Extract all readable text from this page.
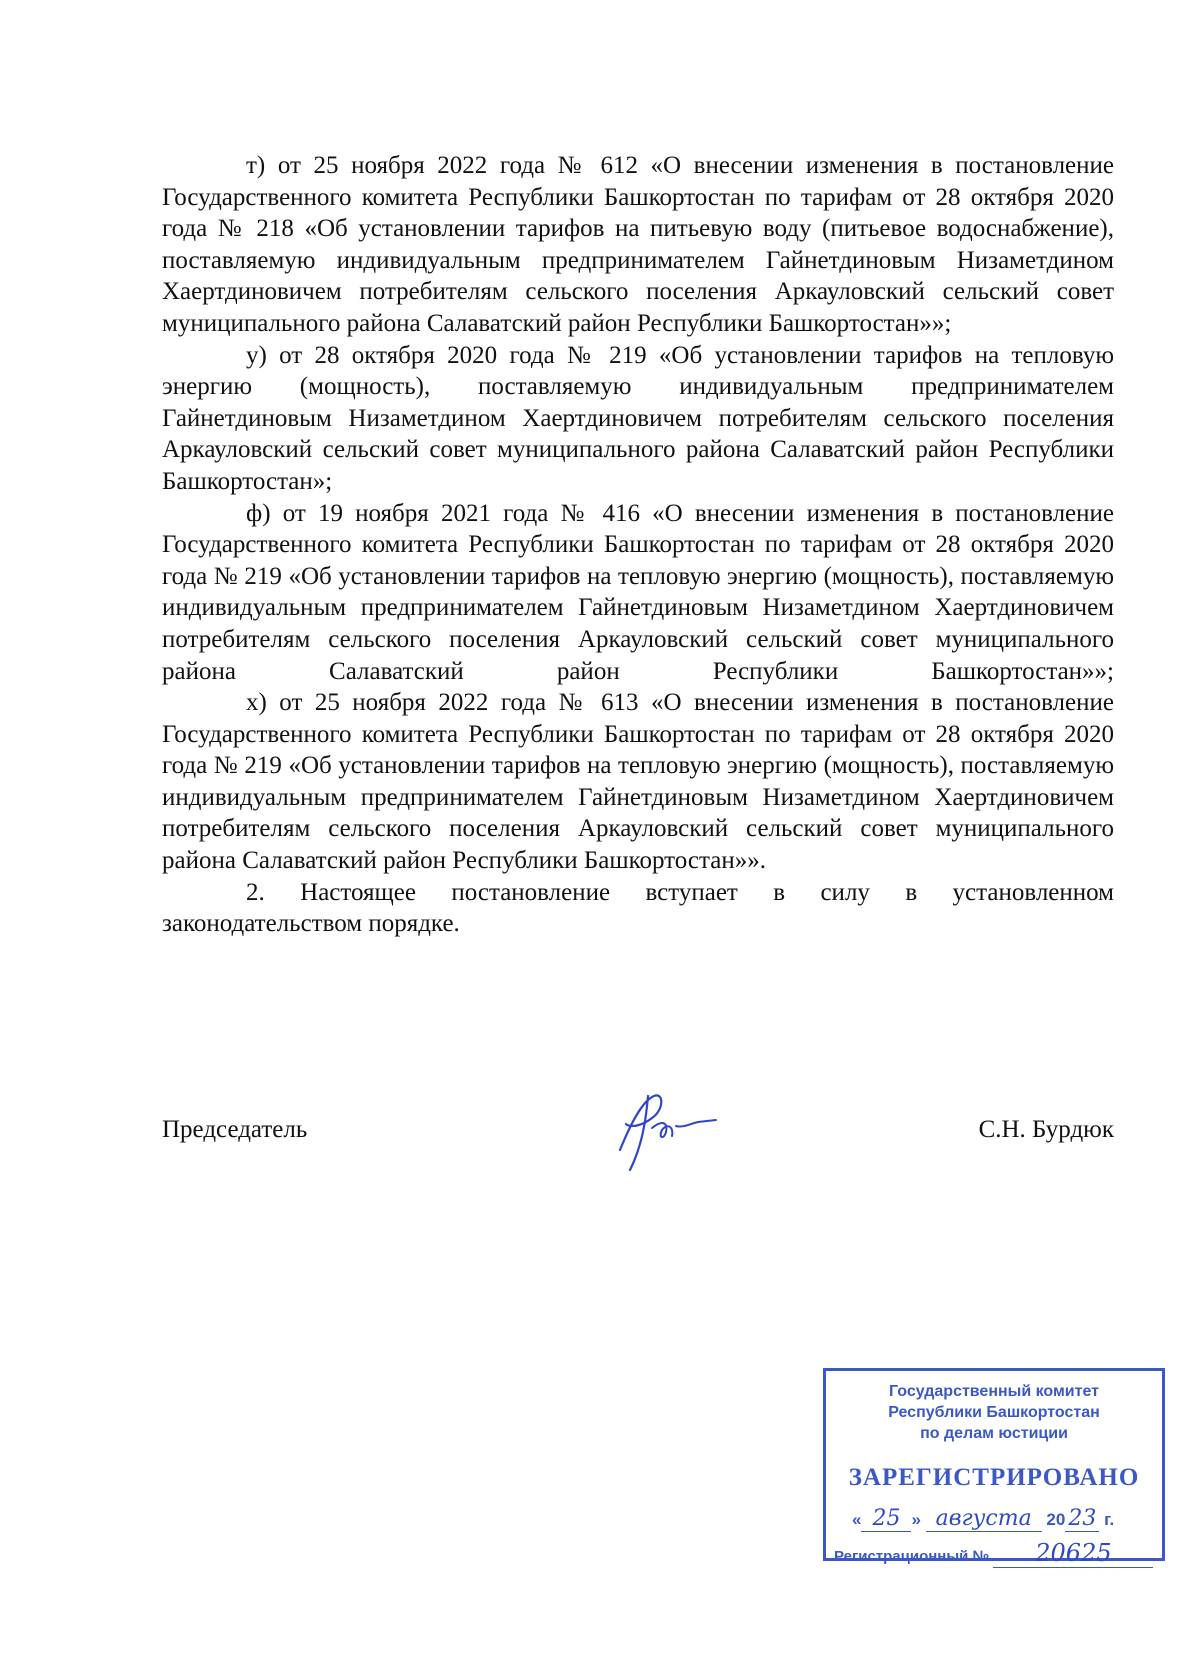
т) от 25 ноября 2022 года № 612 «О внесении изменения в постановление Государственного комитета Республики Башкортостан по тарифам от 28 октября 2020 года № 218 «Об установлении тарифов на питьевую воду (питьевое водоснабжение), поставляемую индивидуальным предпринимателем Гайнетдиновым Низаметдином Хаертдиновичем потребителям сельского поселения Аркауловский сельский совет муниципального района Салаватский район Республики Башкортостан»»;

у) от 28 октября 2020 года № 219 «Об установлении тарифов на тепловую энергию (мощность), поставляемую индивидуальным предпринимателем Гайнетдиновым Низаметдином Хаертдиновичем потребителям сельского поселения Аркауловский сельский совет муниципального района Салаватский район Республики Башкортостан»;

ф) от 19 ноября 2021 года № 416 «О внесении изменения в постановление Государственного комитета Республики Башкортостан по тарифам от 28 октября 2020 года № 219 «Об установлении тарифов на тепловую энергию (мощность), поставляемую индивидуальным предпринимателем Гайнетдиновым Низаметдином Хаертдиновичем потребителям сельского поселения Аркауловский сельский совет муниципального района Салаватский район Республики Башкортостан»»;

х) от 25 ноября 2022 года № 613 «О внесении изменения в постановление Государственного комитета Республики Башкортостан по тарифам от 28 октября 2020 года № 219 «Об установлении тарифов на тепловую энергию (мощность), поставляемую индивидуальным предпринимателем Гайнетдиновым Низаметдином Хаертдиновичем потребителям сельского поселения Аркауловский сельский совет муниципального района Салаватский район Республики Башкортостан»».

2. Настоящее постановление вступает в силу в установленном законодательством порядке.

Председатель	С.Н. Бурдюк
Государственный комитет
Республики Башкортостан
по делам юстиции
ЗАРЕГИСТРИРОВАНО
« 25 » августа 20 23 г.
Регистрационный № 20625
